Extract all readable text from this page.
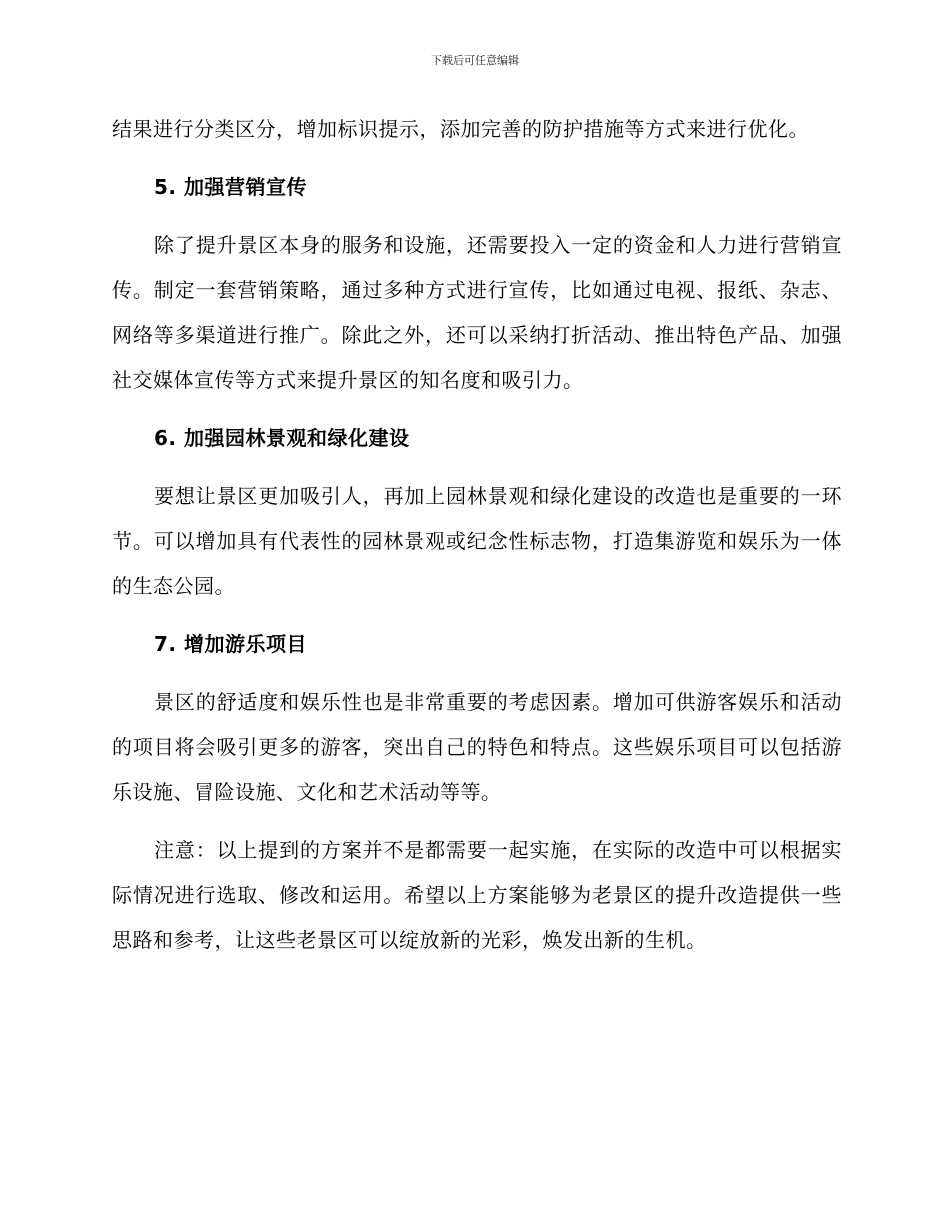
下载后可任意编辑

结果进行分类区分，增加标识提示，添加完善的防护措施等方式来进行优化。

5. 加强营销宣传

除了提升景区本身的服务和设施，还需要投入一定的资金和人力进行营销宣传。制定一套营销策略，通过多种方式进行宣传，比如通过电视、报纸、杂志、网络等多渠道进行推广。除此之外，还可以采纳打折活动、推出特色产品、加强社交媒体宣传等方式来提升景区的知名度和吸引力。

6. 加强园林景观和绿化建设

要想让景区更加吸引人，再加上园林景观和绿化建设的改造也是重要的一环节。可以增加具有代表性的园林景观或纪念性标志物，打造集游览和娱乐为一体的生态公园。

7. 增加游乐项目

景区的舒适度和娱乐性也是非常重要的考虑因素。增加可供游客娱乐和活动的项目将会吸引更多的游客，突出自己的特色和特点。这些娱乐项目可以包括游乐设施、冒险设施、文化和艺术活动等等。

注意：以上提到的方案并不是都需要一起实施，在实际的改造中可以根据实际情况进行选取、修改和运用。希望以上方案能够为老景区的提升改造提供一些思路和参考，让这些老景区可以绽放新的光彩，焕发出新的生机。
